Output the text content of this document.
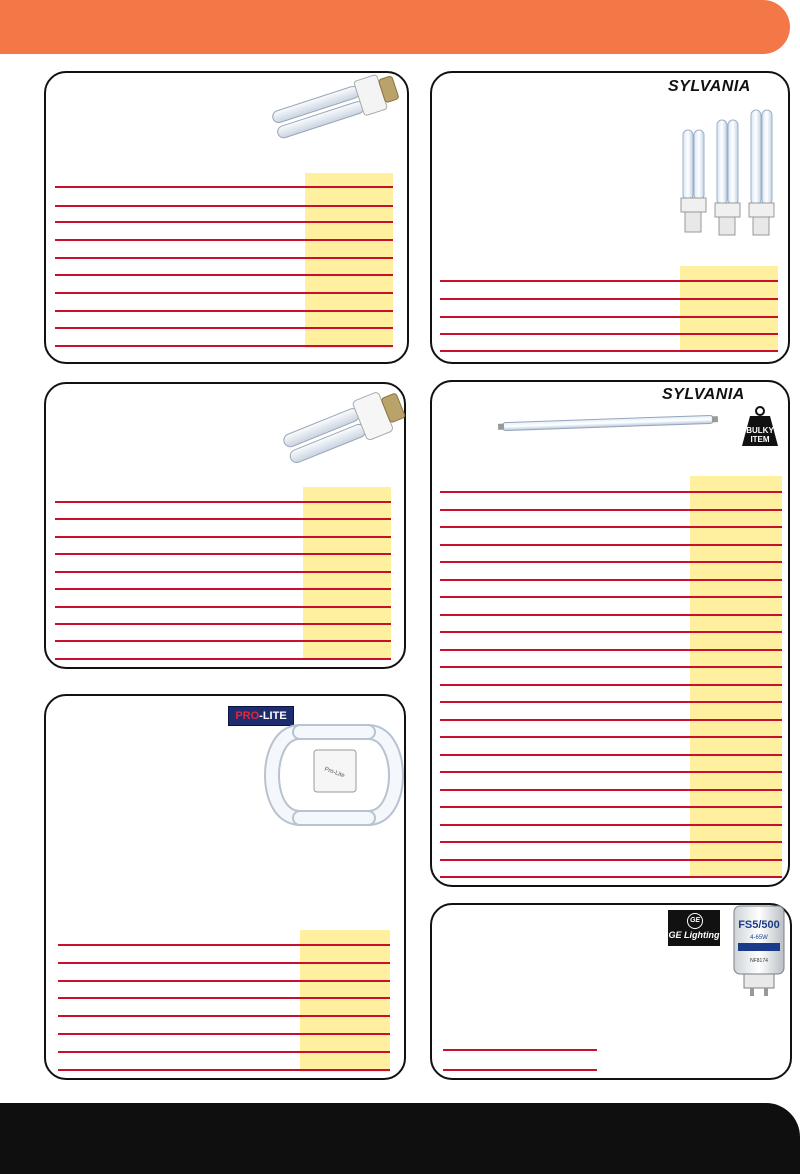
SYLVANIA
SYLVANIA
BULKY ITEM
PRO-LITE
Pro-Lite
GE
GE Lighting
FS5/500
4-65W
NF8174
